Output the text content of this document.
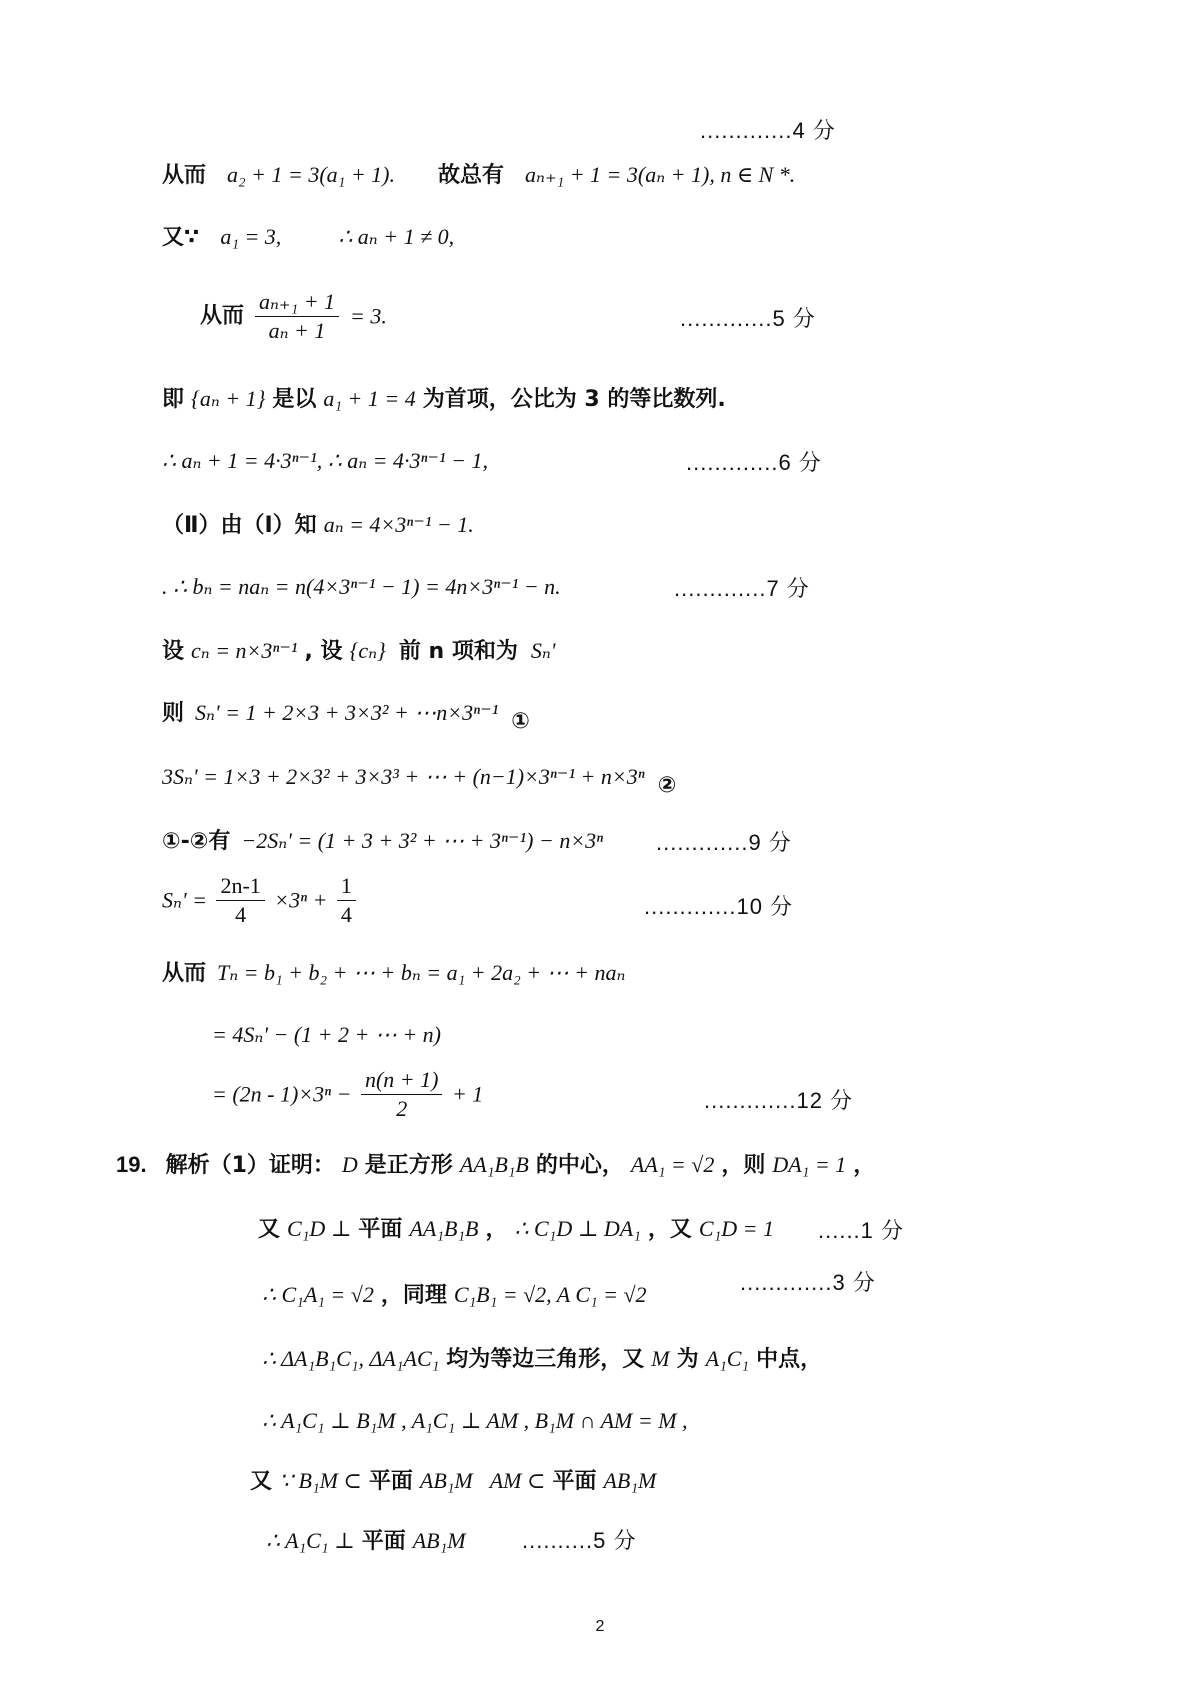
.............4 分
从而 a₂ + 1 = 3(a₁ + 1). 故总有 aₙ₊₁ + 1 = 3(aₙ + 1), n ∈ N *.
又∵ a₁ = 3,	∴ aₙ + 1 ≠ 0,
从而 $\frac{\text{aₙ₊₁ + 1}}{\text{aₙ + 1}} = 3$.	.............5 分
即 {aₙ + 1} 是以 a₁ + 1 = 4 为首项，公比为 3 的等比数列.
∴ aₙ + 1 = 4·3ⁿ⁻¹, ∴ aₙ = 4·3ⁿ⁻¹ − 1,	.............6 分
（Ⅱ）由（Ⅰ）知 aₙ = 4×3ⁿ⁻¹ − 1.
. ∴ bₙ = naₙ = n(4×3ⁿ⁻¹ − 1) = 4n×3ⁿ⁻¹ − n.	.............7 分
设 cₙ = n×3ⁿ⁻¹ , 设 {cₙ} 前 n 项和为 Sₙ'
则 Sₙ' = 1 + 2×3 + 3×3² + ⋯n×3ⁿ⁻¹ ①
3Sₙ' = 1×3 + 2×3² + 3×3³ + ⋯ + (n−1)×3ⁿ⁻¹ + n×3ⁿ ②
①-②有 −2Sₙ' = (1 + 3 + 3² + ⋯ + 3ⁿ⁻¹) − n×3ⁿ .............9 分
$S_n' = \frac{2n-1}{4} \times 3^n + \frac{1}{4}$	.............10 分
从而 Tₙ = b₁ + b₂ + ⋯ + bₙ = a₁ + 2a₂ + ⋯ + naₙ
= 4Sₙ' − (1 + 2 + ⋯ + n)
= $(2n - 1)\times 3^n - \frac{n(n + 1)}{2} + 1$	.............12 分
19. 解析（1）证明： D 是正方形 AA₁B₁B 的中心， AA₁ = √2 ，则 DA₁ = 1 ，
又 C₁D ⊥ 平面 AA₁B₁B ， ∴ C₁D ⊥ DA₁ ，又 C₁D = 1 ......1 分
∴ C₁A₁ = √2 ，同理 C₁B₁ = √2, A C₁ = √2	.............3 分
∴ ΔA₁B₁C₁, ΔA₁AC₁ 均为等边三角形，又 M 为 A₁C₁ 中点，
∴ A₁C₁ ⊥ B₁M , A₁C₁ ⊥ AM , B₁M ∩ AM = M ,
又 ∵ B₁M ⊂ 平面 AB₁M AM ⊂ 平面 AB₁M
∴ A₁C₁ ⊥ 平面 AB₁M	..........5 分
2
